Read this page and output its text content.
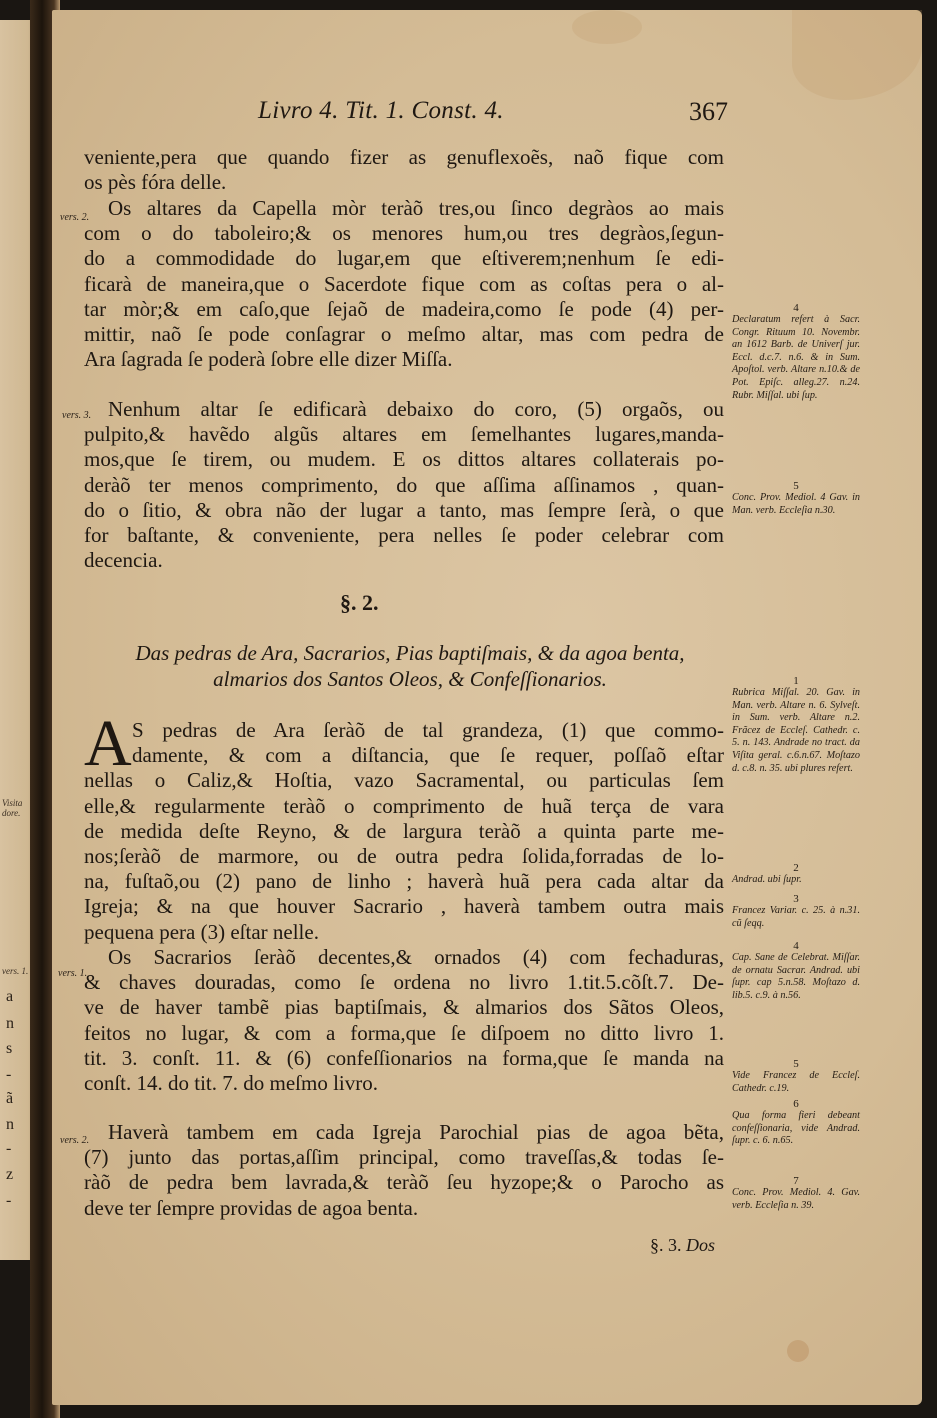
Visita
dore.
vers. 1.
a
n
s
-
ã
n
-
z
-
Livro 4. Tit. 1. Const. 4.	367
vers. 2.
vers. 3.
vers. 1.
vers. 2.
veniente,pera que quando fizer as genuflexoẽs, naõ fique com
os pès fóra delle.
Os altares da Capella mòr teràõ tres,ou ſinco degràos ao mais
com o do taboleiro;& os menores hum,ou tres degràos,ſegun-
do a commodidade do lugar,em que eſtiverem;nenhum ſe edi-
ficarà de maneira,que o Sacerdote fique com as coſtas pera o al-
tar mòr;& em caſo,que ſejaõ de madeira,como ſe pode (4) per-
mittir, naõ ſe pode conſagrar o meſmo altar, mas com pedra de
Ara ſagrada ſe poderà ſobre elle dizer Miſſa.
Nenhum altar ſe edificarà debaixo do coro, (5) orgaõs, ou
pulpito,& havẽdo algũs altares em ſemelhantes lugares,manda-
mos,que ſe tirem, ou mudem. E os dittos altares collaterais po-
deràõ ter menos comprimento, do que aſſima aſſinamos , quan-
do o ſitio, & obra não der lugar a tanto, mas ſempre ſerà, o que
for baſtante, & conveniente, pera nelles ſe poder celebrar com
decencia.
§. 2.
Das pedras de Ara, Sacrarios, Pias baptiſmais, & da agoa benta,
almarios dos Santos Oleos, & Confeſſionarios.
A S pedras de Ara ſeràõ de tal grandeza, (1) que commo-
damente, & com a diſtancia, que ſe requer, poſſaõ eſtar
nellas o Caliz,& Hoſtia, vazo Sacramental, ou particulas ſem
elle,& regularmente teràõ o comprimento de huã terça de vara
de medida deſte Reyno, & de largura teràõ a quinta parte me-
nos;ſeràõ de marmore, ou de outra pedra ſolida,forradas de lo-
na, fuſtaõ,ou (2) pano de linho ; haverà huã pera cada altar da
Igreja; & na que houver Sacrario , haverà tambem outra mais
pequena pera (3) eſtar nelle.
Os Sacrarios ſeràõ decentes,& ornados (4) com fechaduras,
& chaves douradas, como ſe ordena no livro 1.tit.5.cõſt.7. De-
ve de haver tambẽ pias baptiſmais, & almarios dos Sãtos Oleos,
feitos no lugar, & com a forma,que ſe diſpoem no ditto livro 1.
tit. 3. conſt. 11. & (6) confeſſionarios na forma,que ſe manda na
conſt. 14. do tit. 7. do meſmo livro.
Haverà tambem em cada Igreja Parochial pias de agoa bẽta,
(7) junto das portas,aſſim principal, como traveſſas,& todas ſe-
ràõ de pedra bem lavrada,& teràõ ſeu hyzope;& o Parocho as
deve ter ſempre providas de agoa benta.
4
Declaratum refert à Sacr. Congr. Rituum 10. Novembr. an 1612 Barb. de Univerſ jur. Eccl. d.c.7. n.6. & in Sum. Apoſtol. verb. Altare n.10.& de Pot. Epiſc. alleg.27. n.24. Rubr. Miſſal. ubi ſup.
5
Conc. Prov. Mediol. 4 Gav. in Man. verb. Eccleſia n.30.
1
Rubrica Miſſal. 20. Gav. in Man. verb. Altare n. 6. Sylveſt. in Sum. verb. Altare n.2. Frãcez de Eccleſ. Cathedr. c. 5. n. 143. Andrade no tract. da Viſita geral. c.6.n.67. Moſtazo d. c.8. n. 35. ubi plures refert.
2
Andrad. ubi ſupr.
3
Francez Variar. c. 25. à n.31. cũ ſeqq.
4
Cap. Sane de Celebrat. Miſſar. de ornatu Sacrar. Andrad. ubi ſupr. cap 5.n.58. Moſtazo d. lib.5. c.9. à n.56.
5
Vide Francez de Eccleſ. Cathedr. c.19.
6
Qua forma fieri debeant confeſſionaria, vide Andrad. ſupr. c. 6. n.65.
7
Conc. Prov. Mediol. 4. Gav. verb. Eccleſia n. 39.
§. 3. Dos
